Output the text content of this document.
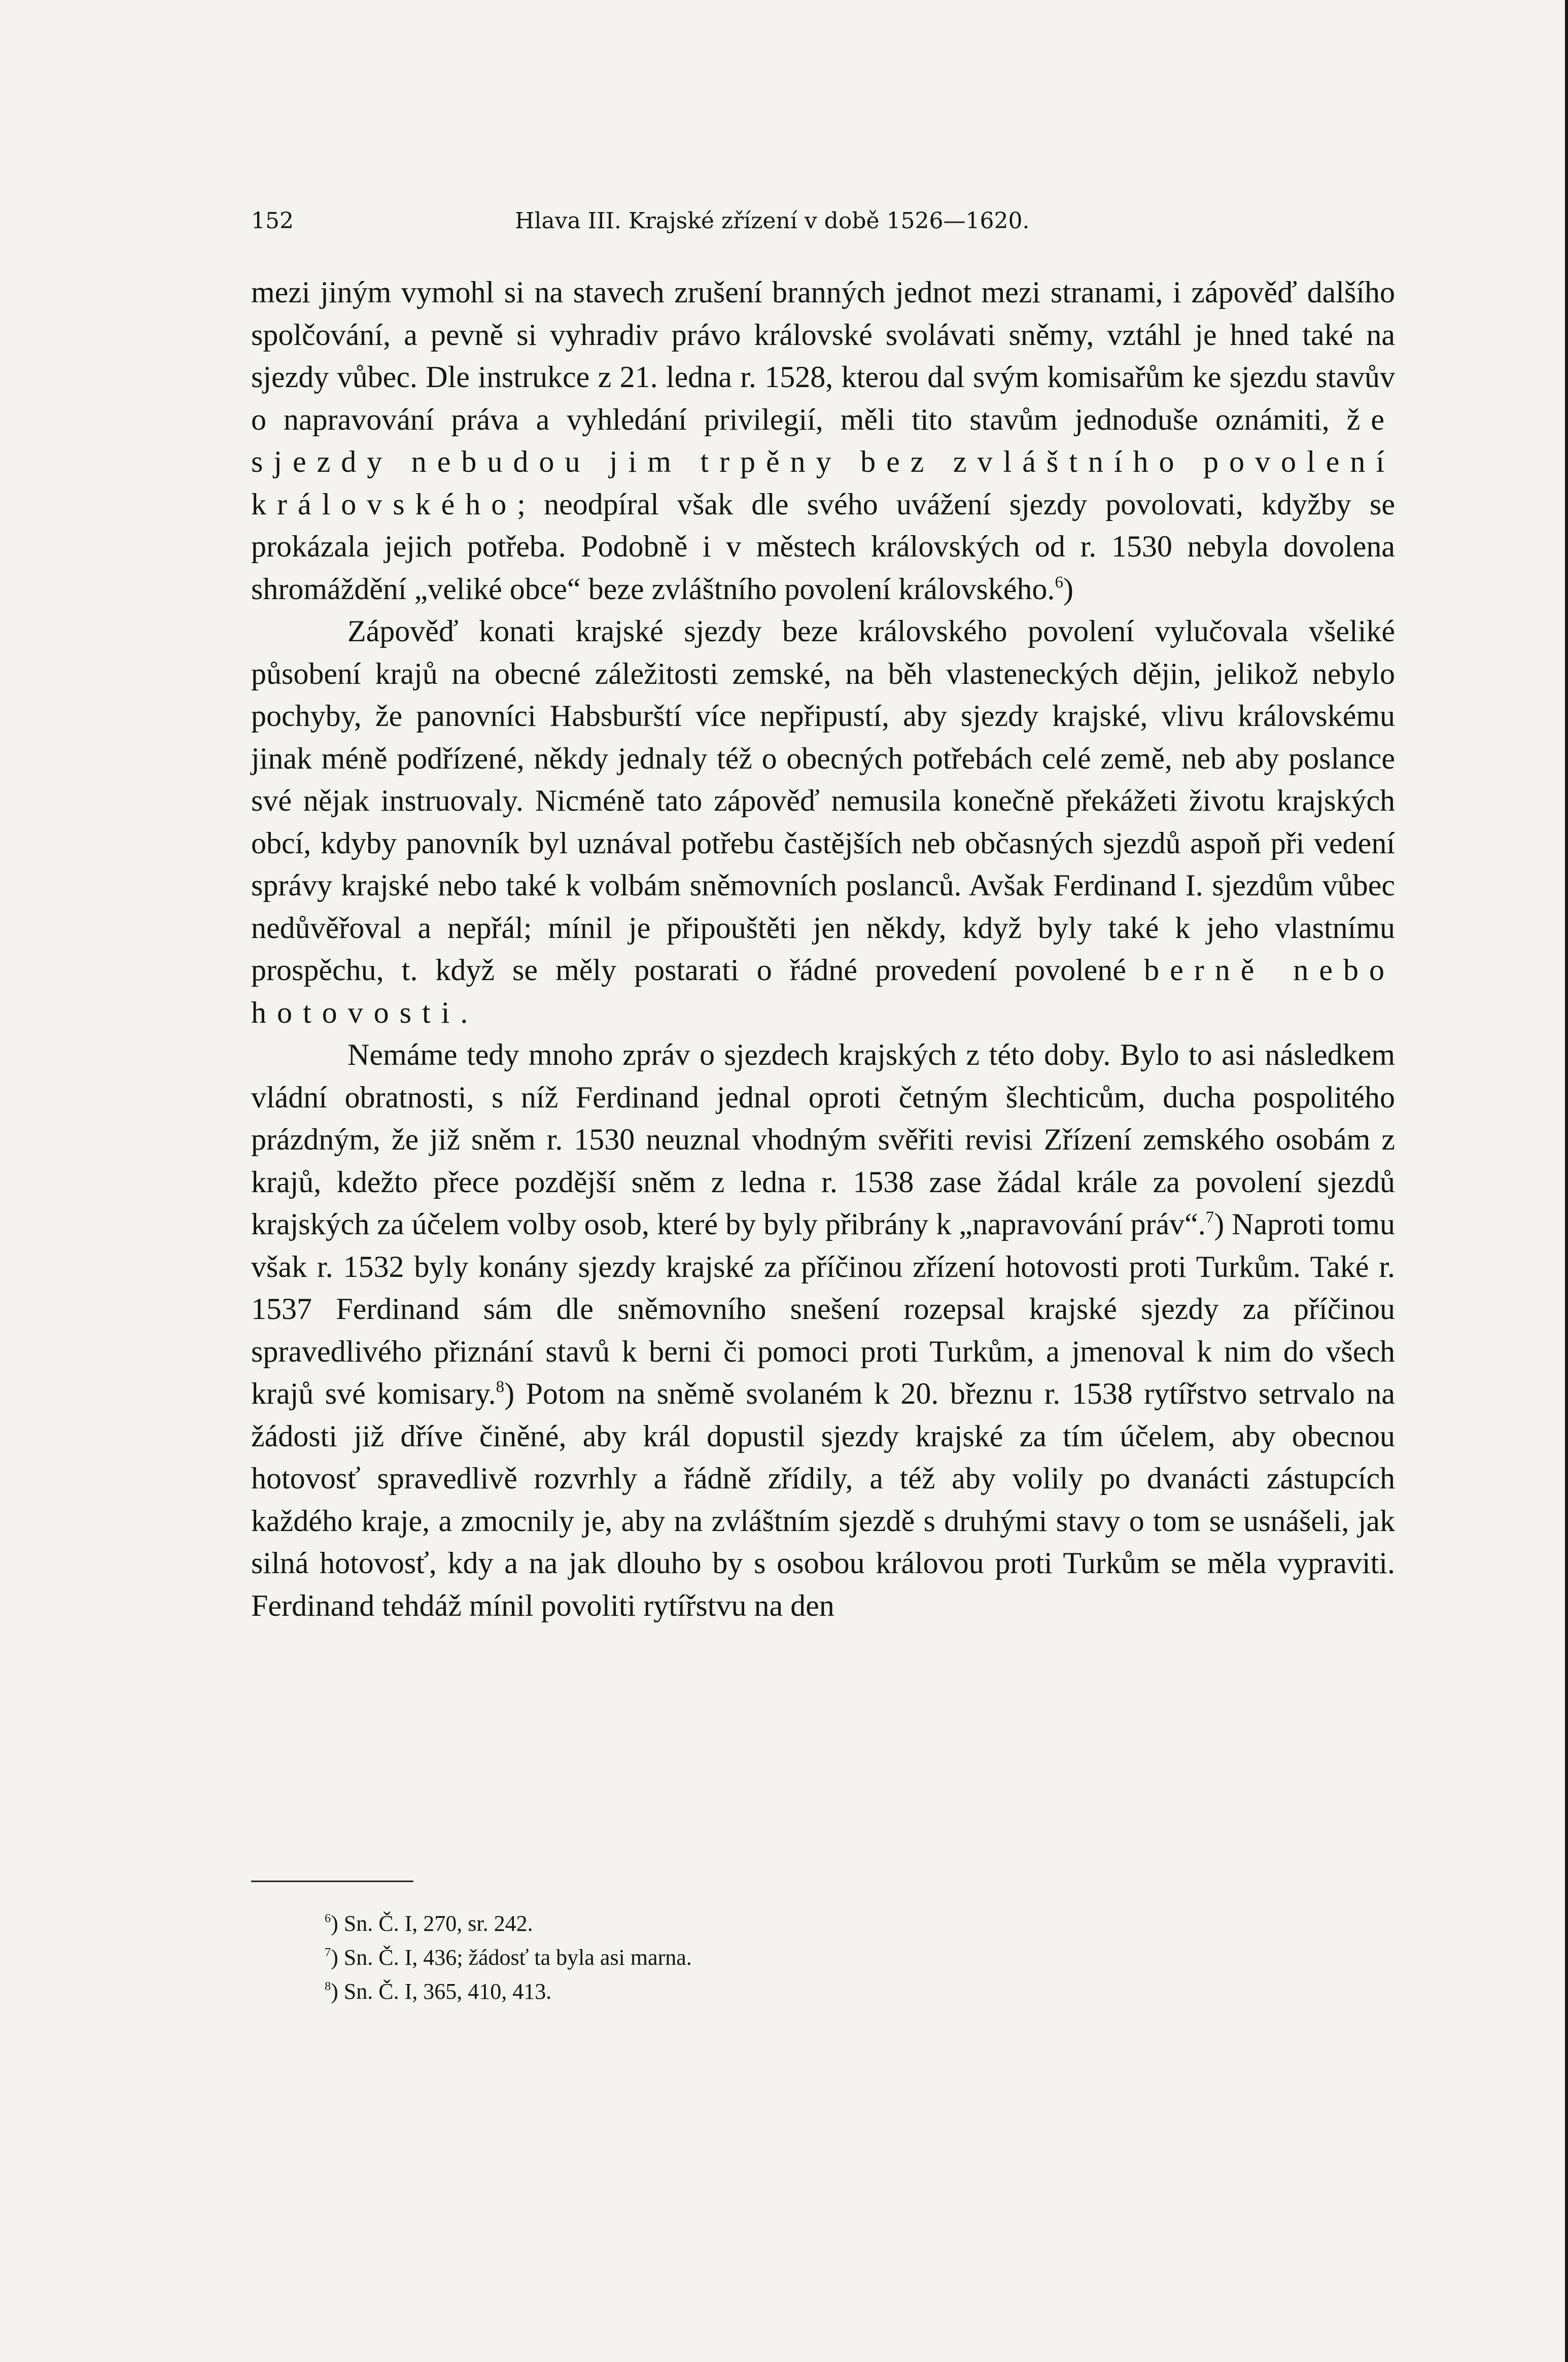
152	Hlava III. Krajské zřízení v době 1526—1620.

mezi jiným vymohl si na stavech zrušení branných jednot mezi stranami, i zápověď dalšího spolčování, a pevně si vyhradiv právo královské svolávati sněmy, vztáhl je hned také na sjezdy vůbec. Dle instrukce z 21. ledna r. 1528, kterou dal svým komisařům ke sjezdu stavův o napravování práva a vyhledání privilegií, měli tito stavům jednoduše oznámiti, že sjezdy nebudou jim trpěny bez zvláštního povolení královského; neodpíral však dle svého uvážení sjezdy povolovati, kdyžby se prokázala jejich potřeba. Podobně i v městech královských od r. 1530 nebyla dovolena shromáždění „veliké obce“ beze zvláštního povolení královského.$^6$)

Zápověď konati krajské sjezdy beze královského povolení vylučovala všeliké působení krajů na obecné záležitosti zemské, na běh vlasteneckých dějin, jelikož nebylo pochyby, že panovníci Habsburští více nepřipustí, aby sjezdy krajské, vlivu královskému jinak méně podřízené, někdy jednaly též o obecných potřebách celé země, neb aby poslance své nějak instruovaly. Nicméně tato zápověď nemusila konečně překážeti životu krajských obcí, kdyby panovník byl uznával potřebu častějších neb občasných sjezdů aspoň při vedení správy krajské nebo také k volbám sněmovních poslanců. Avšak Ferdinand I. sjezdům vůbec nedůvěřoval a nepřál; mínil je připouštěti jen někdy, když byly také k jeho vlastnímu prospěchu, t. když se měly postarati o řádné provedení povolené berně nebo hotovosti.

Nemáme tedy mnoho zpráv o sjezdech krajských z této doby. Bylo to asi následkem vládní obratnosti, s níž Ferdinand jednal oproti četným šlechticům, ducha pospolitého prázdným, že již sněm r. 1530 neuznal vhodným svěřiti revisi Zřízení zemského osobám z krajů, kdežto přece pozdější sněm z ledna r. 1538 zase žádal krále za povolení sjezdů krajských za účelem volby osob, které by byly přibrány k „napravování práv“.$^7$) Naproti tomu však r. 1532 byly konány sjezdy krajské za příčinou zřízení hotovosti proti Turkům. Také r. 1537 Ferdinand sám dle sněmovního snešení rozepsal krajské sjezdy za příčinou spravedlivého přiznání stavů k berni či pomoci proti Turkům, a jmenoval k nim do všech krajů své komisary.$^8$) Potom na sněmě svolaném k 20. březnu r. 1538 rytířstvo setrvalo na žádosti již dříve činěné, aby král dopustil sjezdy krajské za tím účelem, aby obecnou hotovosť spravedlivě rozvrhly a řádně zřídily, a též aby volily po dvanácti zástupcích každého kraje, a zmocnily je, aby na zvláštním sjezdě s druhými stavy o tom se usnášeli, jak silná hotovosť, kdy a na jak dlouho by s osobou královou proti Turkům se měla vypraviti. Ferdinand tehdáž mínil povoliti rytířstvu na den

$^6$) Sn. Č. I, 270, sr. 242.
$^7$) Sn. Č. I, 436; žádosť ta byla asi marna.
$^8$) Sn. Č. I, 365, 410, 413.
